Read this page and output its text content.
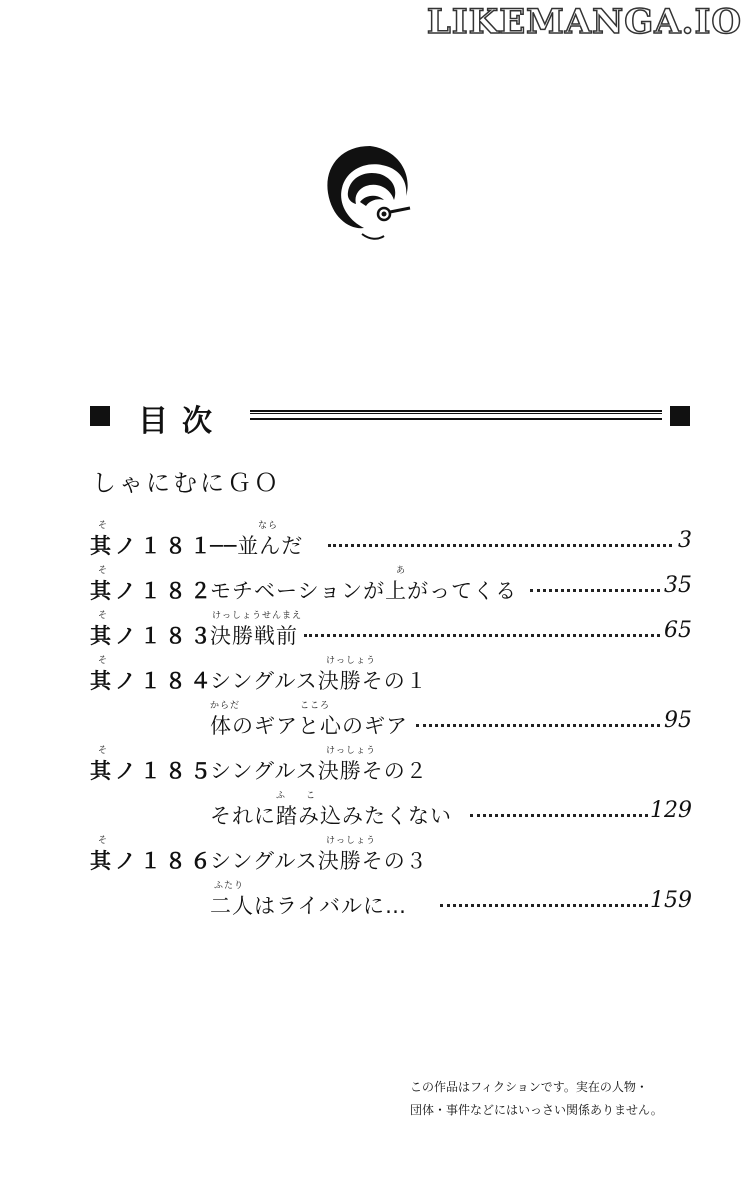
LIKEMANGA.IO
目次
しゃにむにＧＯ
そ	なら
其ノ１８１
──並んだ	3
そ	あ
其ノ１８２
モチベーションが上がってくる	35
そ	けっしょうせんまえ
其ノ１８３
決勝戦前	65
そ	けっしょう
其ノ１８４
シングルス決勝その１
からだ　　　　　　こころ
体のギアと心のギア	95
そ	けっしょう
其ノ１８５
シングルス決勝その２
ふ　　こ
それに踏み込みたくない	129
そ	けっしょう
其ノ１８６
シングルス決勝その３
ふたり
二人はライバルに…	159
この作品はフィクションです。実在の人物・
団体・事件などにはいっさい関係ありません。
